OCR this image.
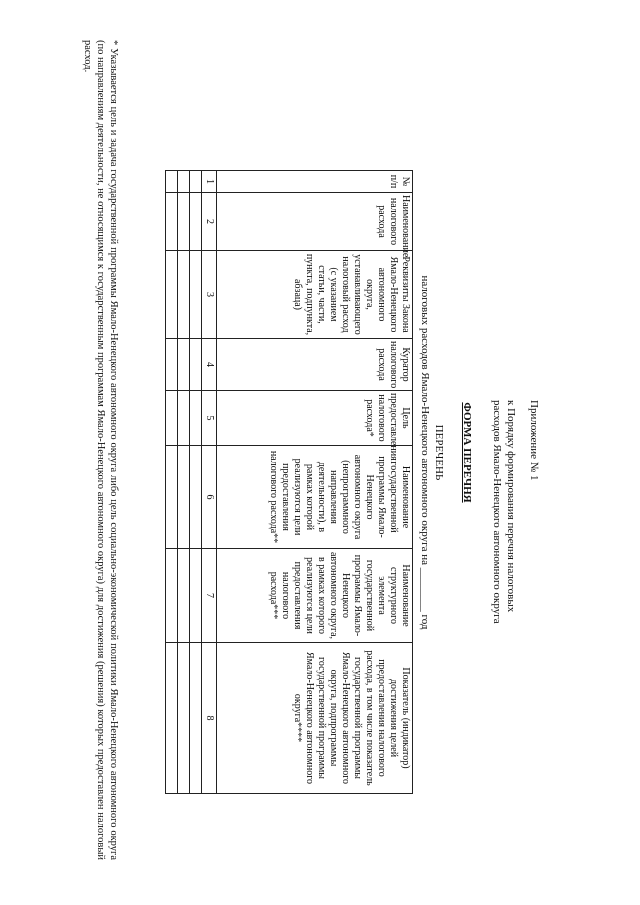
Приложение № 1
к Порядку формирования перечня налоговых
расходов Ямало-Ненецкого автономного округа
ФОРМА ПЕРЕЧНЯ
ПЕРЕЧЕНЬ
налоговых расходов Ямало-Ненецкого автономного округа на ________ год
№ п/п	Наименование налогового расхода	Реквизиты Закона Ямало-Ненецкого автономного округа, устанавливающего налоговый расход (с указанием статьи, части, пункта, подпункта, абзаца)	Куратор налогового расхода	Цель предоставления налогового расхода*	Наименование государственной программы Ямало-Ненецкого автономного округа (непрограммного направления деятельности), в рамках которой реализуются цели предоставления налогового расхода**	Наименование структурного элемента государственной программы Ямало-Ненецкого автономного округа, в рамках которого реализуются цели предоставления налогового расхода***	Показатель (индикатор) достижения целей предоставления налогового расхода, в том числе показатель государственной программы Ямало-Ненецкого автономного округа, подпрограммы государственной программы Ямало-Ненецкого автономного округа****
1	2	3	4	5	6	7	8

* Указывается цель и задача государственной программы Ямало-Ненецкого автономного округа либо цель социально-экономической политики Ямало-Ненецкого автономного округа (по направлениям деятельности, не относящимся к государственным программам Ямало-Ненецкого автономного округа) для достижения (решения) которых предоставлен налоговый расход.
